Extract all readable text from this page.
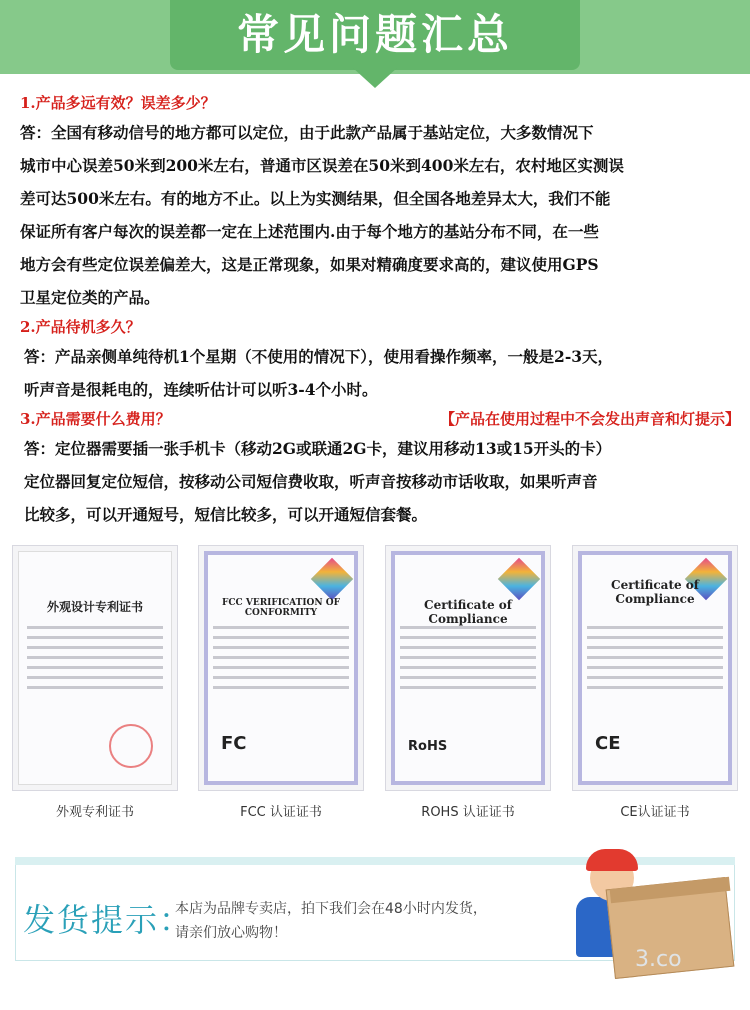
常见问题汇总
1.产品多远有效？误差多少？

答：全国有移动信号的地方都可以定位，由于此款产品属于基站定位，大多数情况下

城市中心误差50米到200米左右，普通市区误差在50米到400米左右，农村地区实测误

差可达500米左右。有的地方不止。以上为实测结果，但全国各地差异太大，我们不能

保证所有客户每次的误差都一定在上述范围内.由于每个地方的基站分布不同，在一些

地方会有些定位误差偏差大，这是正常现象，如果对精确度要求高的，建议使用GPS

卫星定位类的产品。

2.产品待机多久？

答：产品亲侧单纯待机1个星期（不使用的情况下），使用看操作频率，一般是2-3天，

听声音是很耗电的，连续听估计可以听3-4个小时。

3.产品需要什么费用？	【产品在使用过程中不会发出声音和灯提示】

答：定位器需要插一张手机卡（移动2G或联通2G卡，建议用移动13或15开头的卡）

定位器回复定位短信，按移动公司短信费收取，听声音按移动市话收取，如果听声音

比较多，可以开通短号，短信比较多，可以开通短信套餐。

外观设计专利证书
外观专利证书
FCC VERIFICATION OF CONFORMITY
FC
FCC 认证证书
Certificate of Compliance
RoHS
ROHS 认证证书
Certificate of Compliance
CE
CE认证证书
发货提示：
本店为品牌专卖店，拍下我们会在48小时内发货，
请亲们放心购物！
3.co
